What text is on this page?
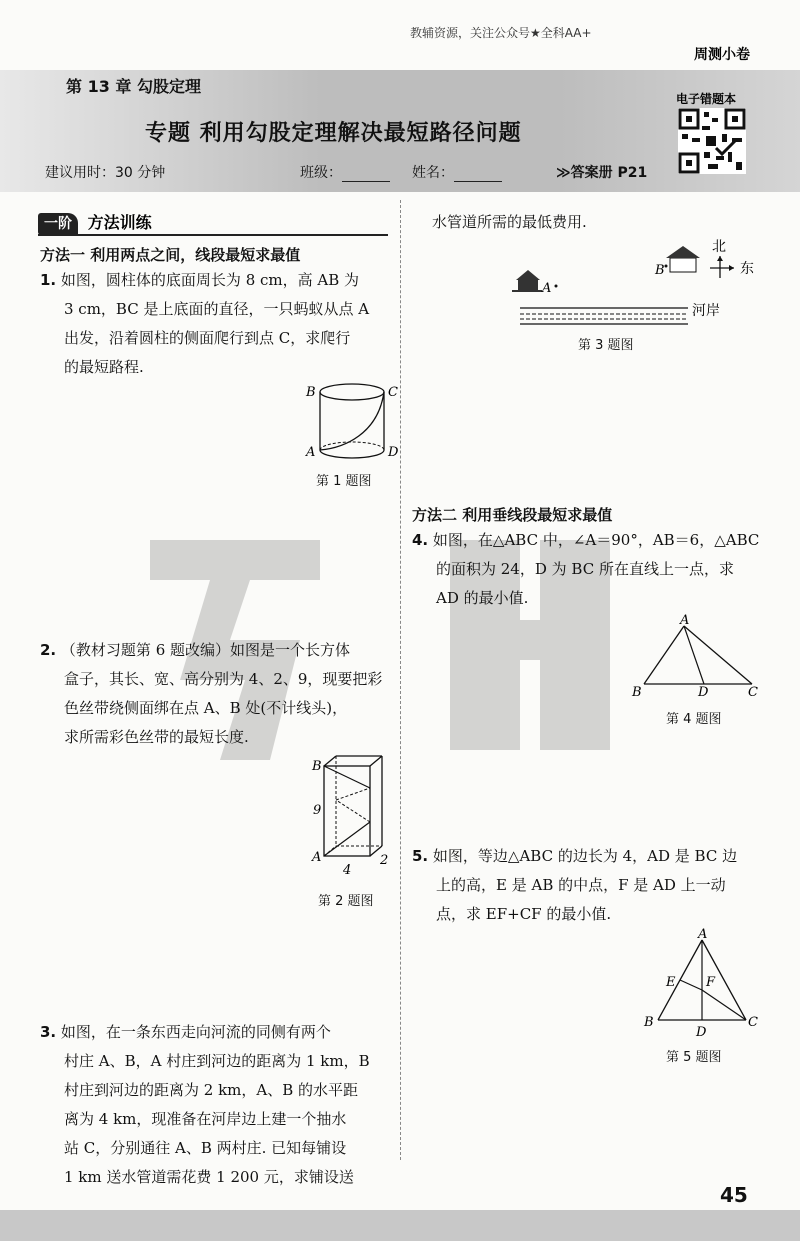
教辅资源，关注公众号★全科AA+
周测小卷
第 13 章 勾股定理
专题 利用勾股定理解决最短路径问题
建议用时：30 分钟	班级：	姓名：	≫答案册 P21
电子错题本
一阶 方法训练
方法一 利用两点之间，线段最短求最值
1. 如图，圆柱体的底面周长为 8 cm，高 AB 为
3 cm，BC 是上底面的直径，一只蚂蚁从点 A
出发，沿着圆柱的侧面爬行到点 C，求爬行
的最短路程.
B	C
A	D
第 1 题图
2. （教材习题第 6 题改编）如图是一个长方体
盒子，其长、宽、高分别为 4、2、9，现要把彩
色丝带绕侧面绑在点 A、B 处(不计线头)，
求所需彩色丝带的最短长度.
B
A
9
4
2
第 2 题图
3. 如图，在一条东西走向河流的同侧有两个
村庄 A、B，A 村庄到河边的距离为 1 km，B
村庄到河边的距离为 2 km，A、B 的水平距
离为 4 km，现准备在河岸边上建一个抽水
站 C，分别通往 A、B 两村庄. 已知每铺设
1 km 送水管道需花费 1 200 元，求铺设送
水管道所需的最低费用.
A
B
北
东
河岸
第 3 题图
方法二 利用垂线段最短求最值
4. 如图，在△ABC 中，∠A＝90°，AB＝6，△ABC
的面积为 24，D 为 BC 所在直线上一点，求
AD 的最小值.
A
B	D	C
第 4 题图
5. 如图，等边△ABC 的边长为 4，AD 是 BC 边
上的高，E 是 AB 的中点，F 是 AD 上一动
点，求 EF+CF 的最小值.
A
E F
B
D
C
第 5 题图
45
